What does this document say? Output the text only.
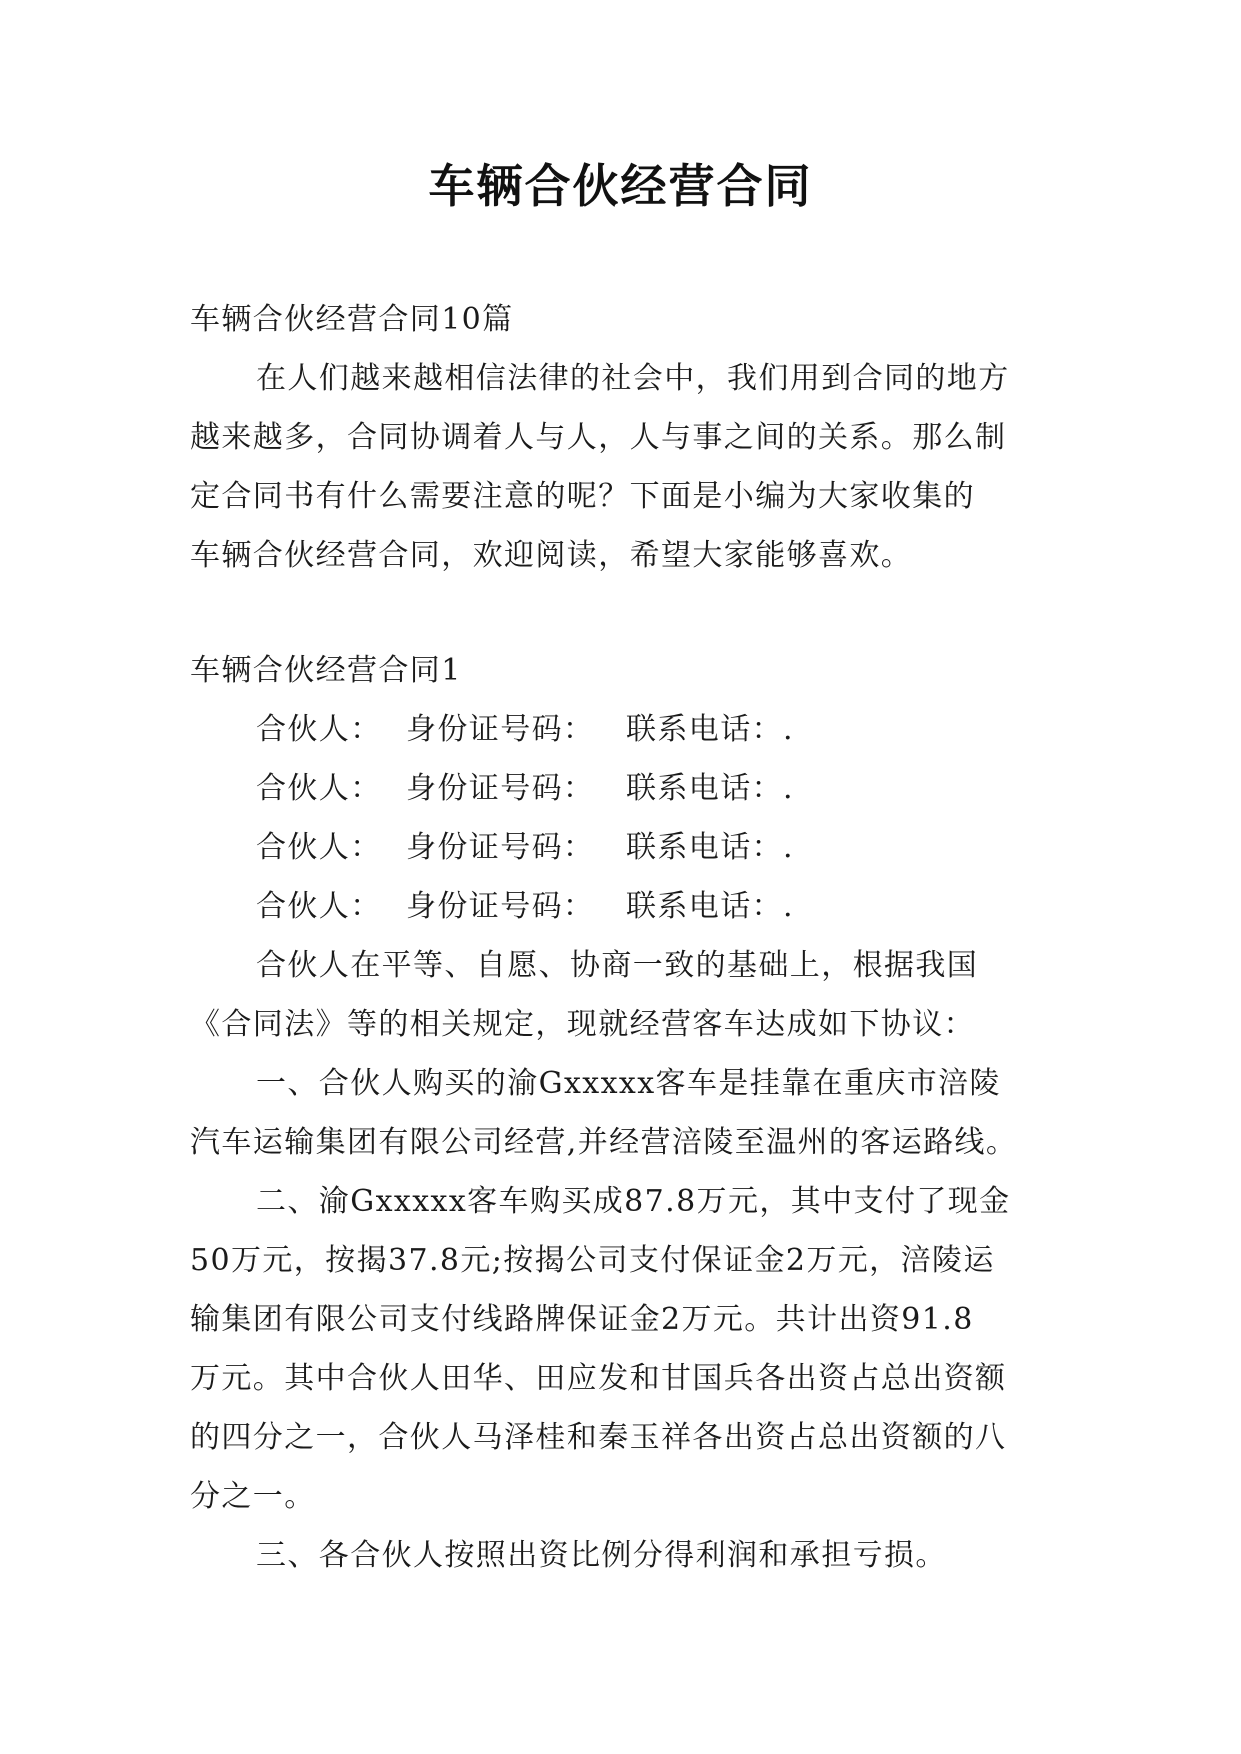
车辆合伙经营合同
车辆合伙经营合同10篇
在人们越来越相信法律的社会中，我们用到合同的地方
越来越多，合同协调着人与人，人与事之间的关系。那么制
定合同书有什么需要注意的呢？下面是小编为大家收集的
车辆合伙经营合同，欢迎阅读，希望大家能够喜欢。
车辆合伙经营合同1
合伙人： 身份证号码： 联系电话：.
合伙人： 身份证号码： 联系电话：.
合伙人： 身份证号码： 联系电话：.
合伙人： 身份证号码： 联系电话：.
合伙人在平等、自愿、协商一致的基础上，根据我国
《合同法》等的相关规定，现就经营客车达成如下协议：
一、合伙人购买的渝Gxxxxx客车是挂靠在重庆市涪陵
汽车运输集团有限公司经营,并经营涪陵至温州的客运路线。
二、渝Gxxxxx客车购买成87.8万元，其中支付了现金
50万元，按揭37.8元;按揭公司支付保证金2万元，涪陵运
输集团有限公司支付线路牌保证金2万元。共计出资91.8
万元。其中合伙人田华、田应发和甘国兵各出资占总出资额
的四分之一，合伙人马泽桂和秦玉祥各出资占总出资额的八
分之一。
三、各合伙人按照出资比例分得利润和承担亏损。
